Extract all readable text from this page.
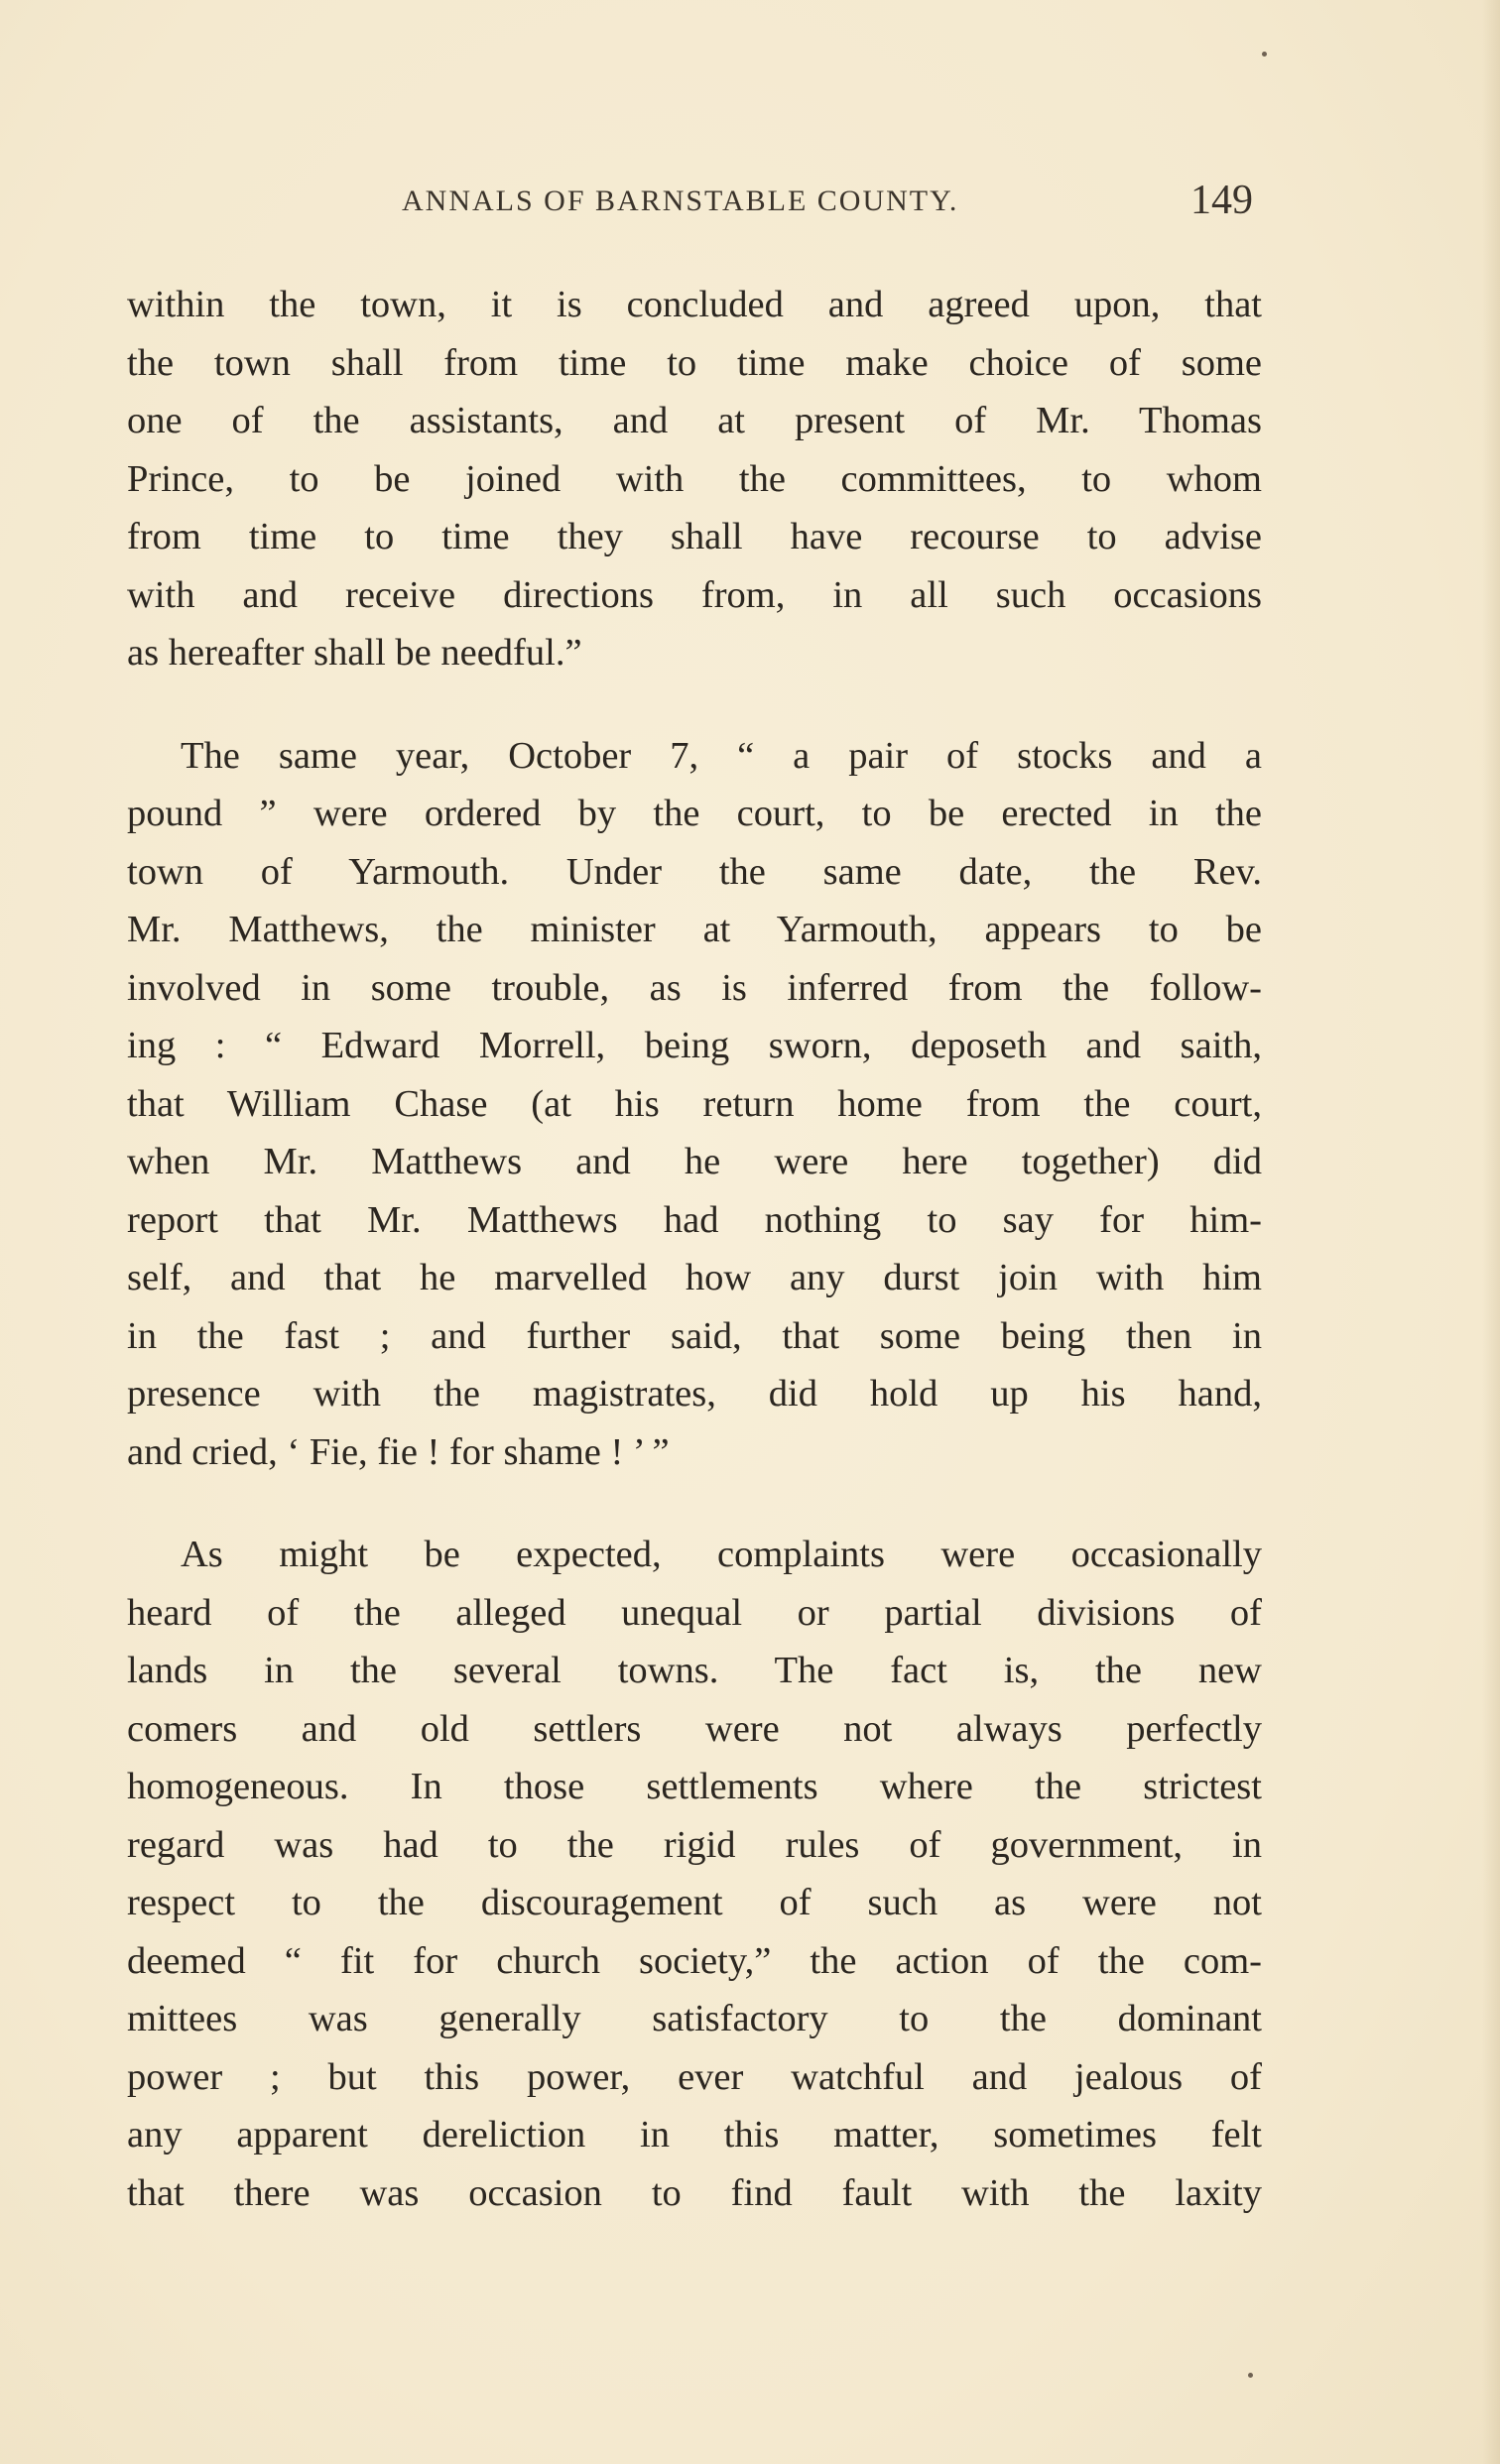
ANNALS OF BARNSTABLE COUNTY.	149
within the town, it is concluded and agreed upon, that
the town shall from time to time make choice of some
one of the assistants, and at present of Mr. Thomas
Prince, to be joined with the committees, to whom
from time to time they shall have recourse to advise
with and receive directions from, in all such occasions
as hereafter shall be needful.”
The same year, October 7, “ a pair of stocks and a
pound ” were ordered by the court, to be erected in the
town of Yarmouth. Under the same date, the Rev.
Mr. Matthews, the minister at Yarmouth, appears to be
involved in some trouble, as is inferred from the follow-
ing : “ Edward Morrell, being sworn, deposeth and saith,
that William Chase (at his return home from the court,
when Mr. Matthews and he were here together) did
report that Mr. Matthews had nothing to say for him-
self, and that he marvelled how any durst join with him
in the fast ; and further said, that some being then in
presence with the magistrates, did hold up his hand,
and cried, ‘ Fie, fie ! for shame ! ’ ”
As might be expected, complaints were occasionally
heard of the alleged unequal or partial divisions of
lands in the several towns. The fact is, the new
comers and old settlers were not always perfectly
homogeneous. In those settlements where the strictest
regard was had to the rigid rules of government, in
respect to the discouragement of such as were not
deemed “ fit for church society,” the action of the com-
mittees was generally satisfactory to the dominant
power ; but this power, ever watchful and jealous of
any apparent dereliction in this matter, sometimes felt
that there was occasion to find fault with the laxity
